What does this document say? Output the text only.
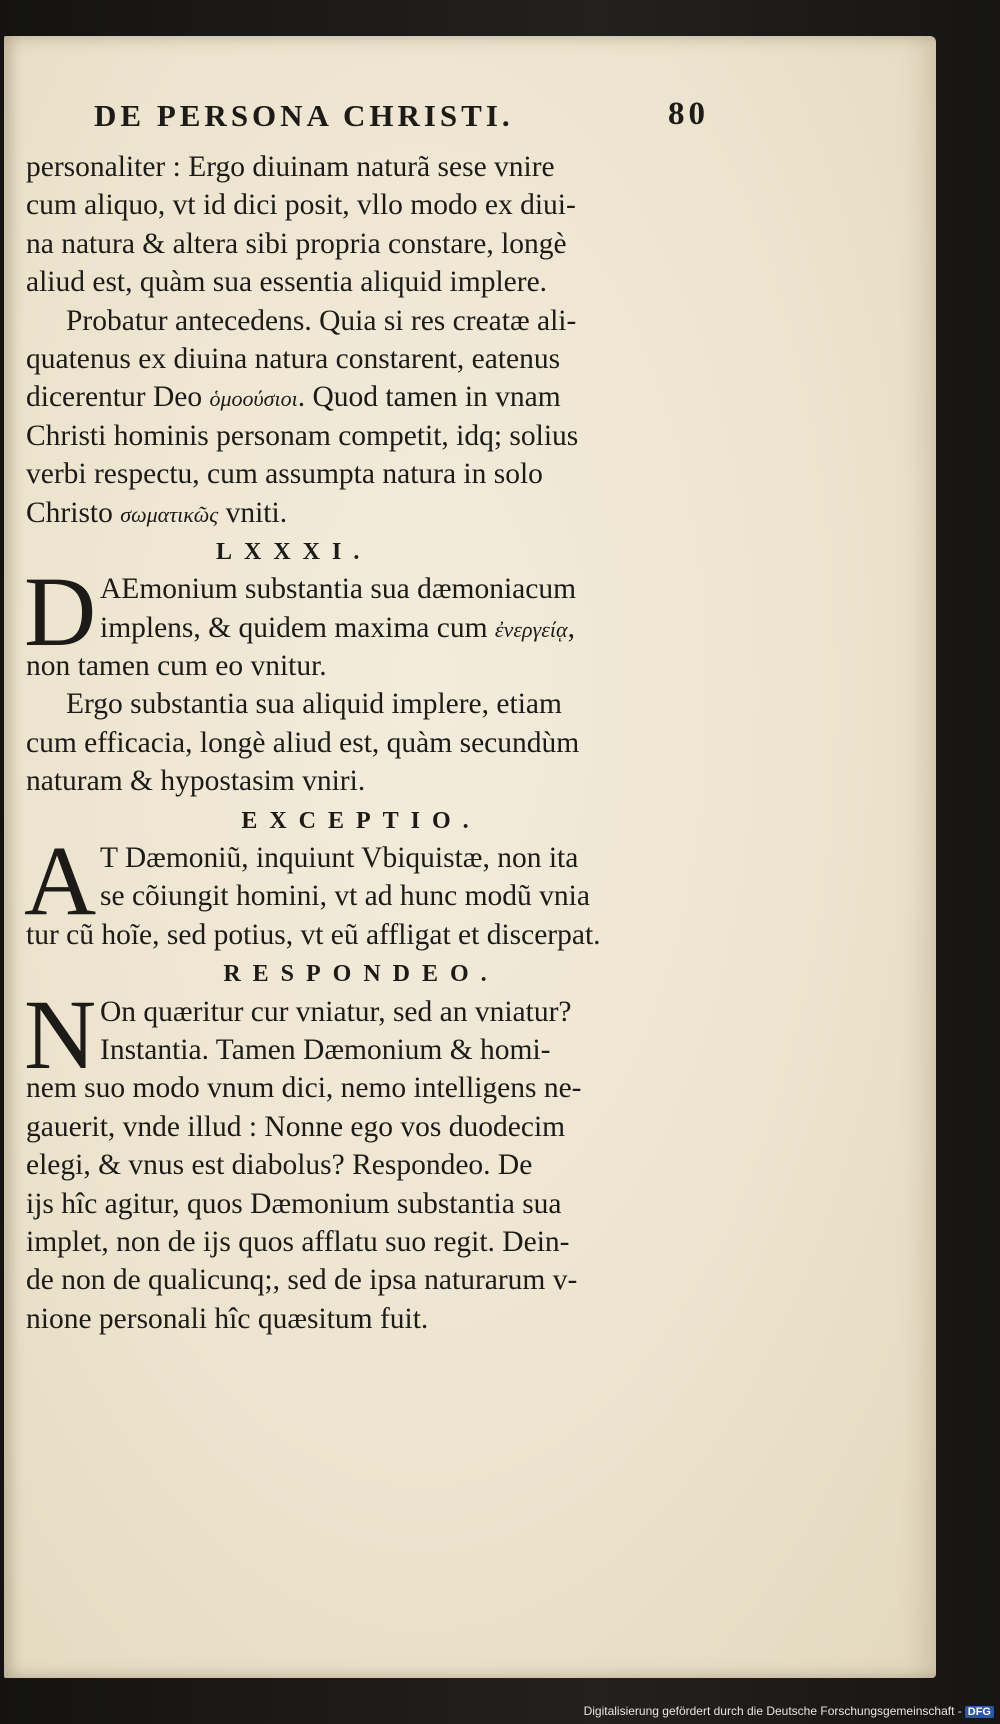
DE PERSONA CHRISTI.	80
personaliter : Ergo diuinam naturã sese vnire
cum aliquo, vt id dici posit, vllo modo ex diui-
na natura & altera sibi propria constare, longè
aliud est, quàm sua essentia aliquid implere.
Probatur antecedens. Quia si res creatæ ali-
quatenus ex diuina natura constarent, eatenus
dicerentur Deo ὁμοούσιοι. Quod tamen in vnam
Christi hominis personam competit, idq; solius
verbi respectu, cum assumpta natura in solo
Christo σωματικῶς vniti.
LXXXI.
D AEmonium substantia sua dæmoniacum
implens, & quidem maxima cum ἐνεργείᾳ,
non tamen cum eo vnitur.
Ergo substantia sua aliquid implere, etiam
cum efficacia, longè aliud est, quàm secundùm
naturam & hypostasim vniri.
EXCEPTIO.
A T Dæmoniũ, inquiunt Vbiquistæ, non ita
se cõiungit homini, vt ad hunc modũ vnia
tur cũ hoĩe, sed potius, vt eũ affligat et discerpat.
RESPONDEO.
N On quæritur cur vniatur, sed an vniatur?
Instantia. Tamen Dæmonium & homi-
nem suo modo vnum dici, nemo intelligens ne-
gauerit, vnde illud : Nonne ego vos duodecim
elegi, & vnus est diabolus? Respondeo. De
ijs hîc agitur, quos Dæmonium substantia sua
implet, non de ijs quos afflatu suo regit. Dein-
de non de qualicunq;, sed de ipsa naturarum v-
nione personali hîc quæsitum fuit.
Digitalisierung gefördert durch die Deutsche Forschungsgemeinschaft - DFG
